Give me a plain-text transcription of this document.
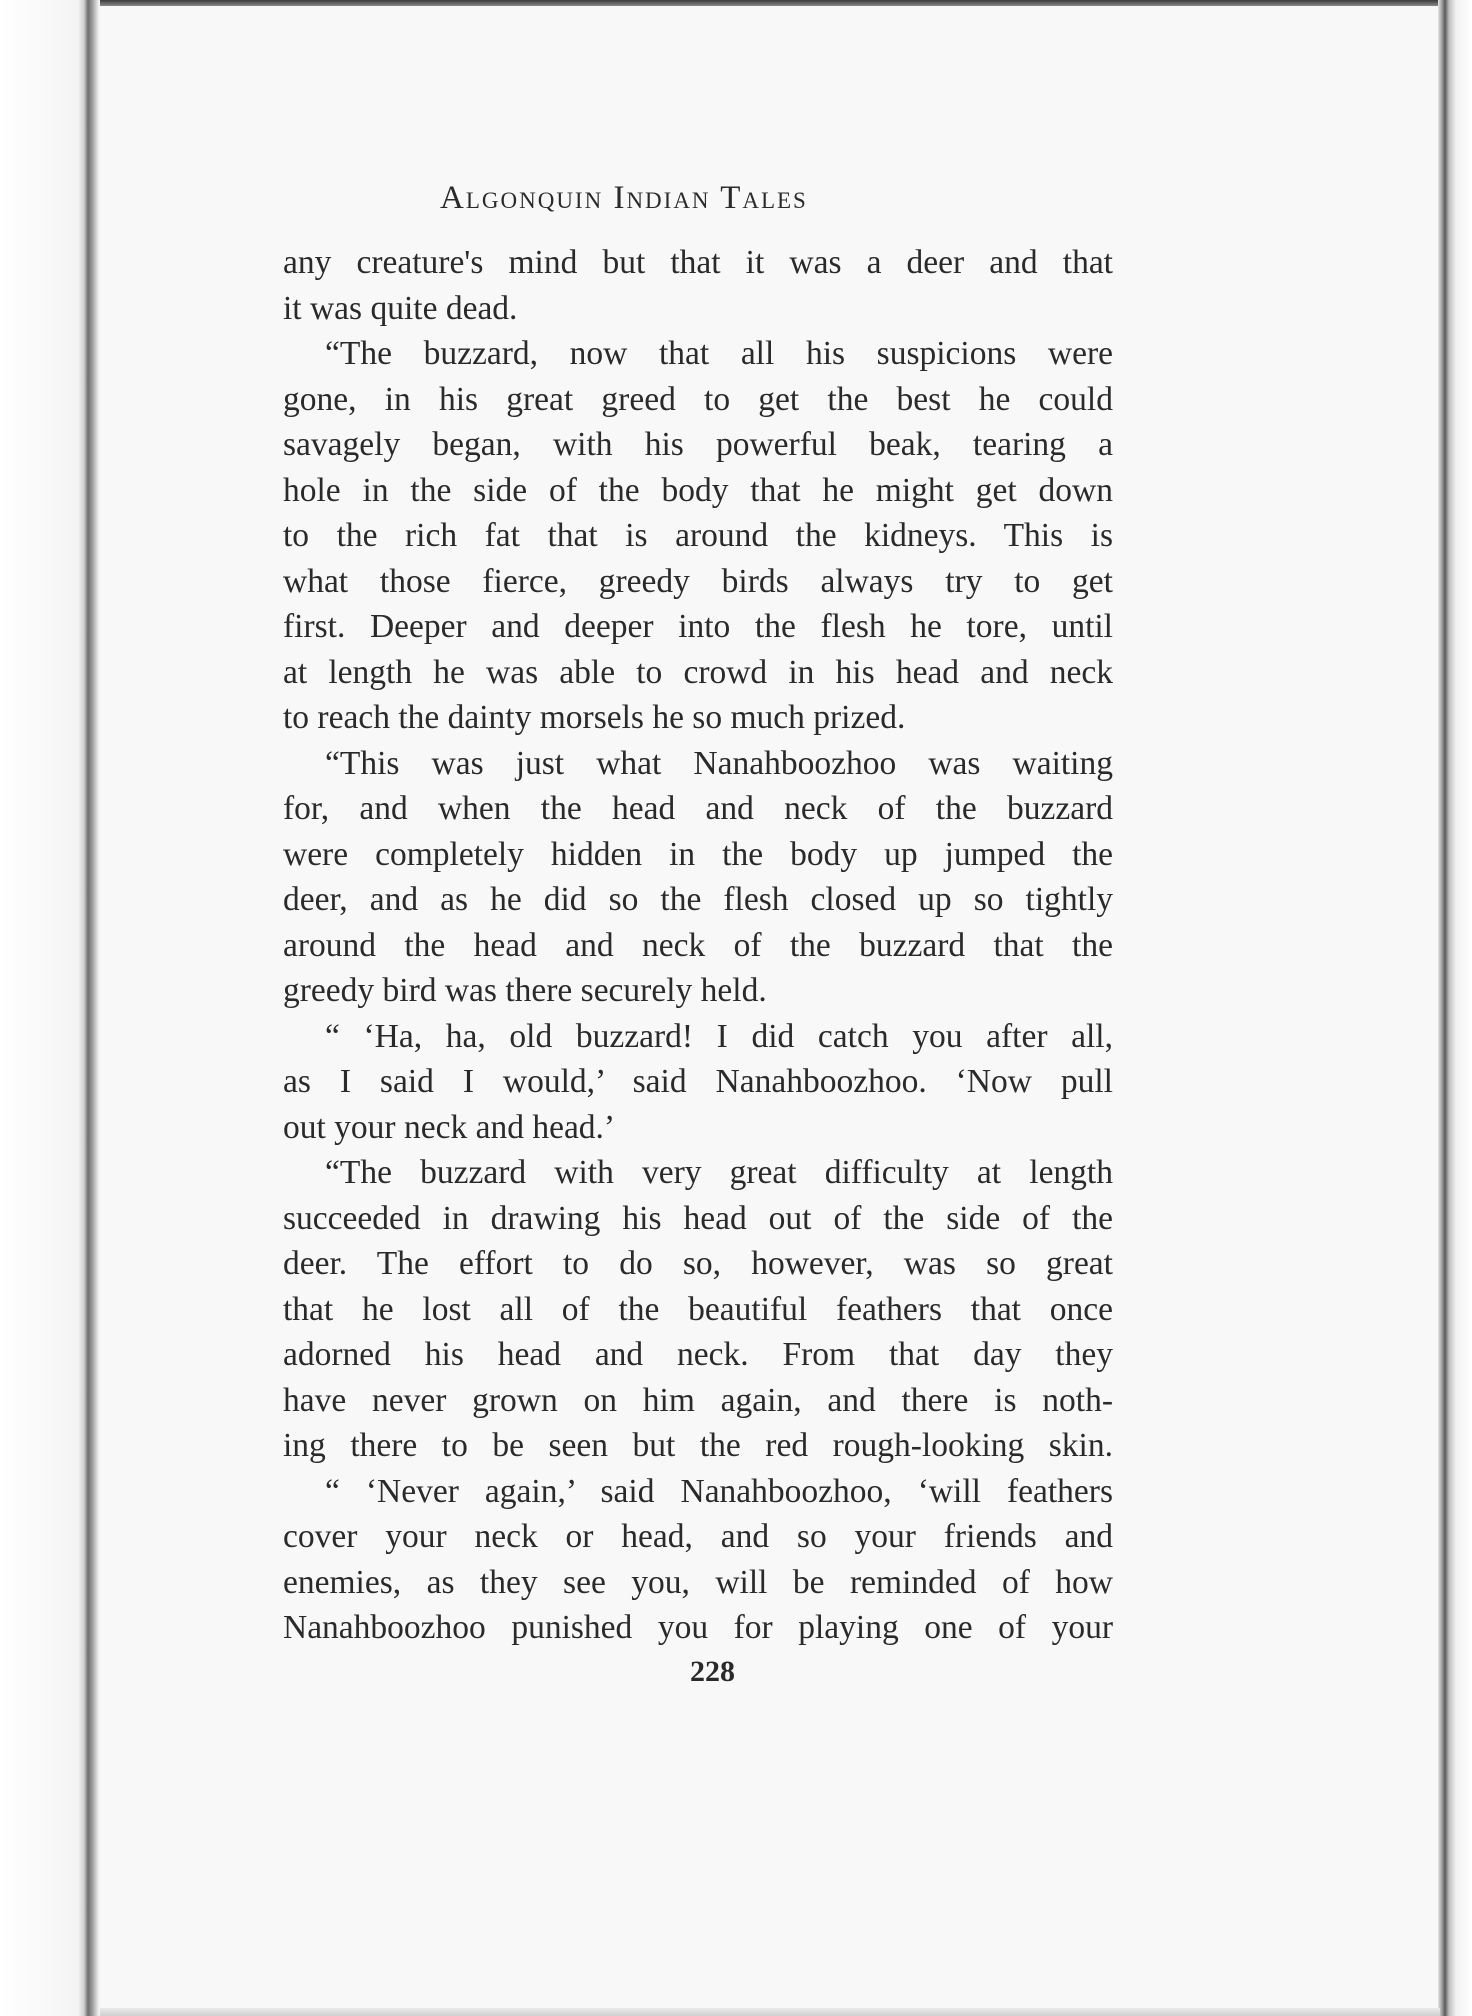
Algonquin Indian Tales
any creature's mind but that it was a deer and that
it was quite dead.
“The buzzard, now that all his suspicions were
gone, in his great greed to get the best he could
savagely began, with his powerful beak, tearing a
hole in the side of the body that he might get down
to the rich fat that is around the kidneys. This is
what those fierce, greedy birds always try to get
first. Deeper and deeper into the flesh he tore, until
at length he was able to crowd in his head and neck
to reach the dainty morsels he so much prized.
“This was just what Nanahboozhoo was waiting
for, and when the head and neck of the buzzard
were completely hidden in the body up jumped the
deer, and as he did so the flesh closed up so tightly
around the head and neck of the buzzard that the
greedy bird was there securely held.
“ ‘Ha, ha, old buzzard! I did catch you after all,
as I said I would,’ said Nanahboozhoo. ‘Now pull
out your neck and head.’
“The buzzard with very great difficulty at length
succeeded in drawing his head out of the side of the
deer. The effort to do so, however, was so great
that he lost all of the beautiful feathers that once
adorned his head and neck. From that day they
have never grown on him again, and there is noth-
ing there to be seen but the red rough-looking skin.
“ ‘Never again,’ said Nanahboozhoo, ‘will feathers
cover your neck or head, and so your friends and
enemies, as they see you, will be reminded of how
Nanahboozhoo punished you for playing one of your
228
